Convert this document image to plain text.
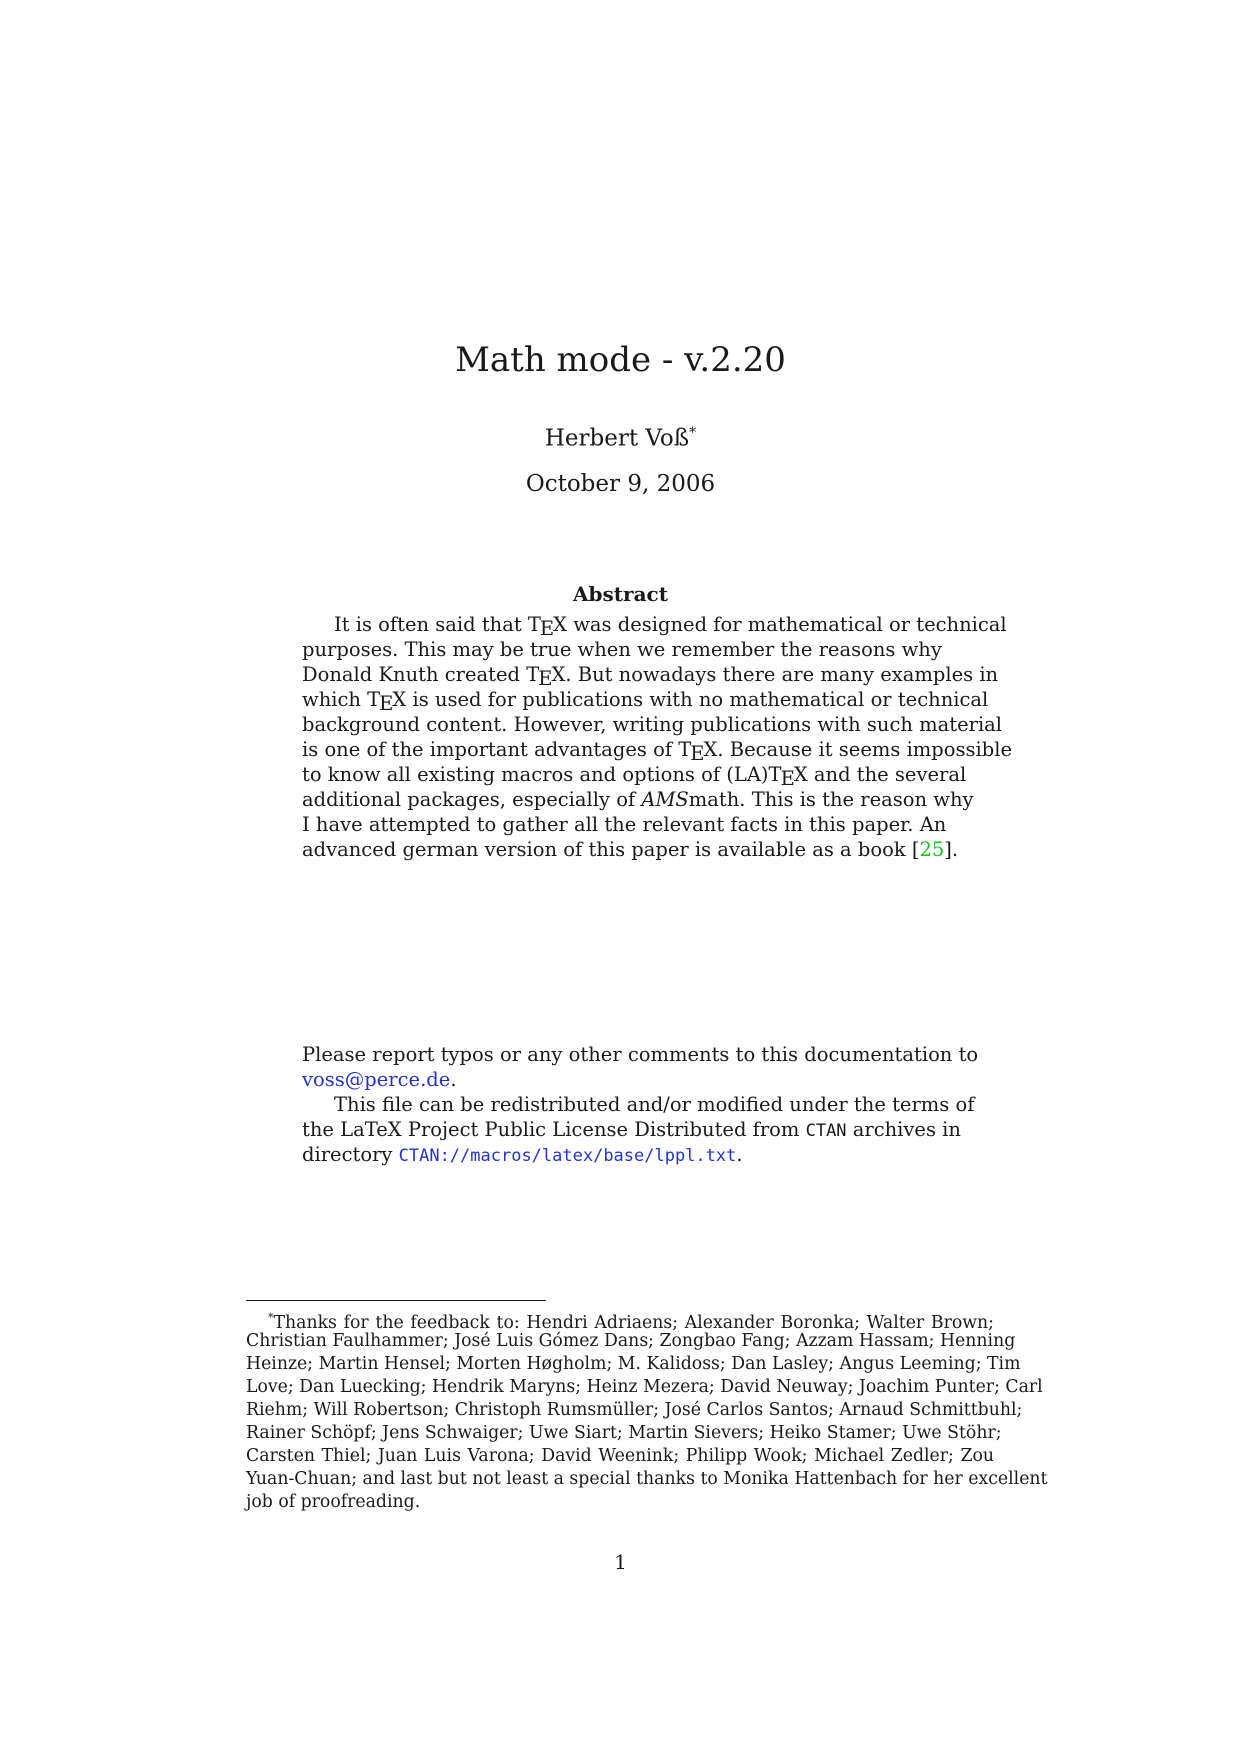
Math mode - v.2.20
Herbert Voß*
October 9, 2006
Abstract
It is often said that TEX was designed for mathematical or technical
purposes. This may be true when we remember the reasons why
Donald Knuth created TEX. But nowadays there are many examples in
which TEX is used for publications with no mathematical or technical
background content. However, writing publications with such material
is one of the important advantages of TEX. Because it seems impossible
to know all existing macros and options of (LA)TEX and the several
additional packages, especially of AMSmath. This is the reason why
I have attempted to gather all the relevant facts in this paper. An
advanced german version of this paper is available as a book [25].
Please report typos or any other comments to this documentation to
voss@perce.de.
This file can be redistributed and/or modified under the terms of
the LaTeX Project Public License Distributed from CTAN archives in
directory CTAN://macros/latex/base/lppl.txt.
*Thanks for the feedback to: Hendri Adriaens; Alexander Boronka; Walter Brown;
Christian Faulhammer; José Luis Gómez Dans; Zongbao Fang; Azzam Hassam; Henning
Heinze; Martin Hensel; Morten Høgholm; M. Kalidoss; Dan Lasley; Angus Leeming; Tim
Love; Dan Luecking; Hendrik Maryns; Heinz Mezera; David Neuway; Joachim Punter; Carl
Riehm; Will Robertson; Christoph Rumsmüller; José Carlos Santos; Arnaud Schmittbuhl;
Rainer Schöpf; Jens Schwaiger; Uwe Siart; Martin Sievers; Heiko Stamer; Uwe Stöhr;
Carsten Thiel; Juan Luis Varona; David Weenink; Philipp Wook; Michael Zedler; Zou
Yuan-Chuan; and last but not least a special thanks to Monika Hattenbach for her excellent
job of proofreading.
1
